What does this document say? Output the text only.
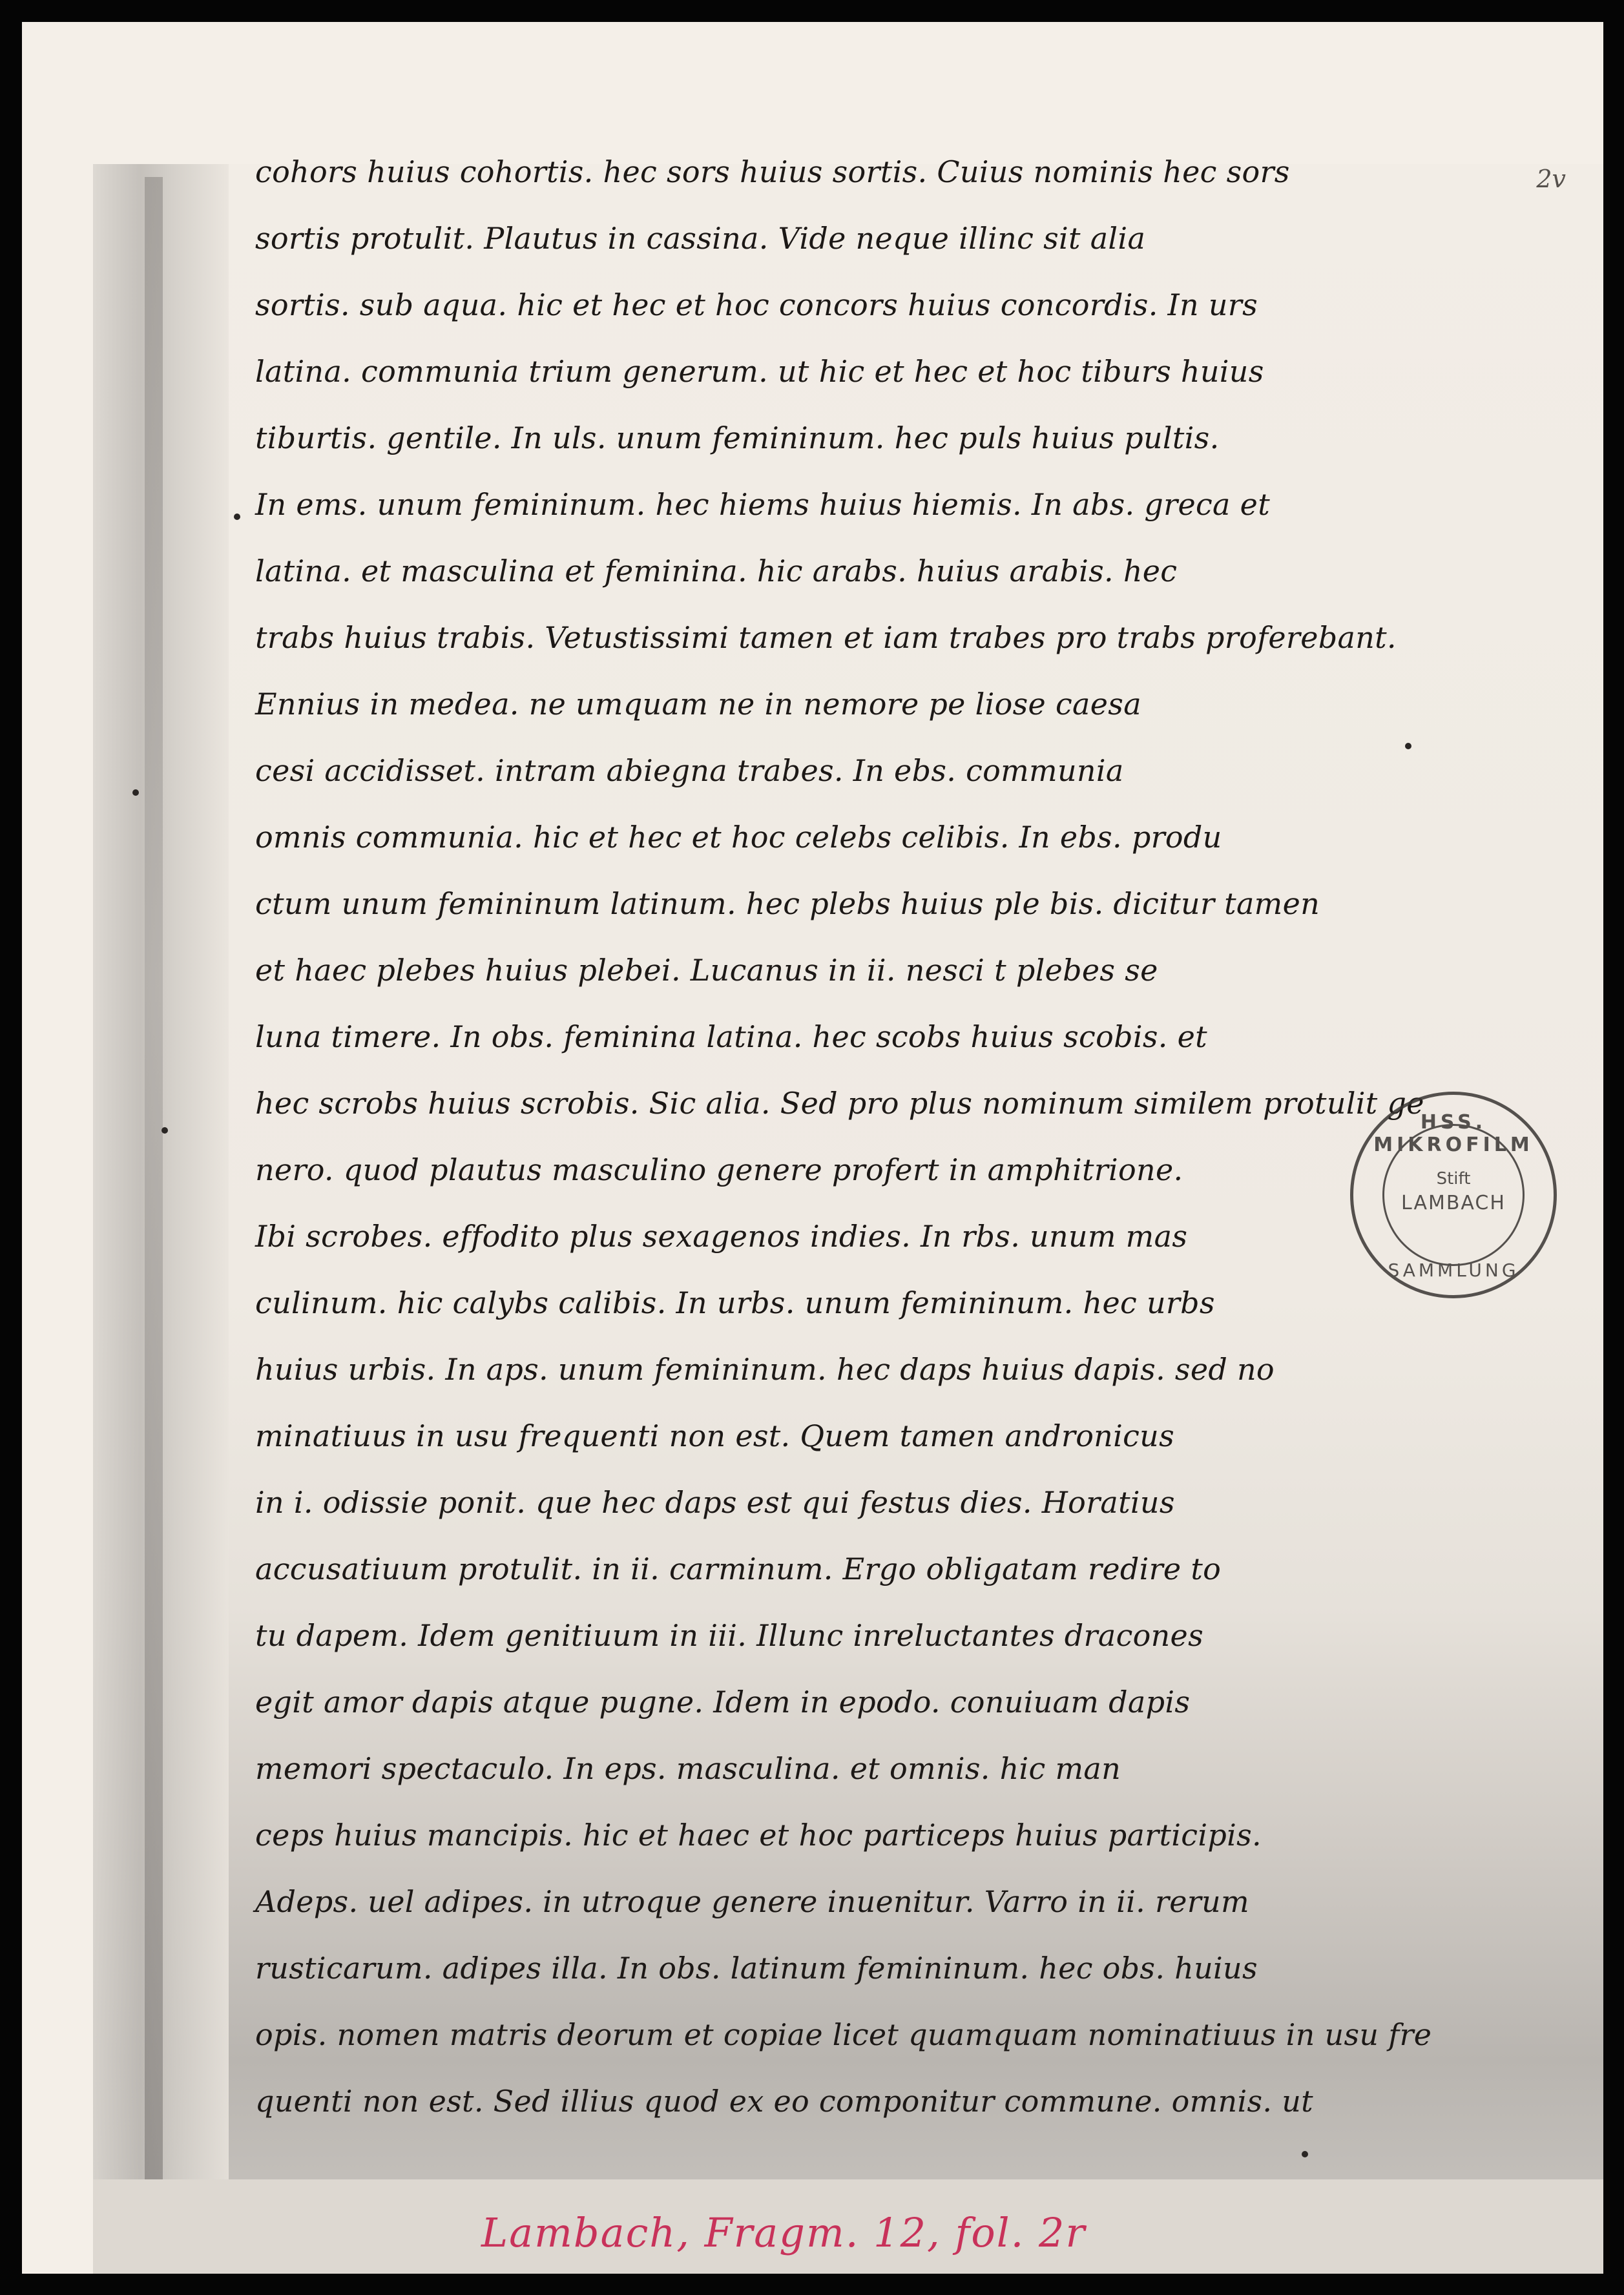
cohors huius cohortis. hec sors huius sortis. Cuius nominis hec sors
sortis protulit. Plautus in cassina. Vide neque illinc sit alia
sortis. sub aqua. hic et hec et hoc concors huius concordis. In urs
latina. communia trium generum. ut hic et hec et hoc tiburs huius
tiburtis. gentile. In uls. unum femininum. hec puls huius pultis.
In ems. unum femininum. hec hiems huius hiemis. In abs. greca et
latina. et masculina et feminina. hic arabs. huius arabis. hec
trabs huius trabis. Vetustissimi tamen et iam trabes pro trabs proferebant.
Ennius in medea. ne umquam ne in nemore pe liose caesa
cesi accidisset. intram abiegna trabes. In ebs. communia
omnis communia. hic et hec et hoc celebs celibis. In ebs. produ
ctum unum femininum latinum. hec plebs huius ple bis. dicitur tamen
et haec plebes huius plebei. Lucanus in ii. nesci t plebes se
luna timere. In obs. feminina latina. hec scobs huius scobis. et
hec scrobs huius scrobis. Sic alia. Sed pro plus nominum similem protulit ge
nero. quod plautus masculino genere profert in amphitrione.
Ibi scrobes. effodito plus sexagenos indies. In rbs. unum mas
culinum. hic calybs calibis. In urbs. unum femininum. hec urbs
huius urbis. In aps. unum femininum. hec daps huius dapis. sed no
minatiuus in usu frequenti non est. Quem tamen andronicus
in i. odissie ponit. que hec daps est qui festus dies. Horatius
accusatiuum protulit. in ii. carminum. Ergo obligatam redire to
tu dapem. Idem genitiuum in iii. Illunc inreluctantes dracones
egit amor dapis atque pugne. Idem in epodo. conuiuam dapis
memori spectaculo. In eps. masculina. et omnis. hic man
ceps huius mancipis. hic et haec et hoc particeps huius participis.
Adeps. uel adipes. in utroque genere inuenitur. Varro in ii. rerum
rusticarum. adipes illa. In obs. latinum femininum. hec obs. huius
opis. nomen matris deorum et copiae licet quamquam nominatiuus in usu fre
quenti non est. Sed illius quod ex eo componitur commune. omnis. ut
2v
HSS. MIKROFILM
Stift
LAMBACH
SAMMLUNG
Lambach, Fragm. 12, fol. 2r
